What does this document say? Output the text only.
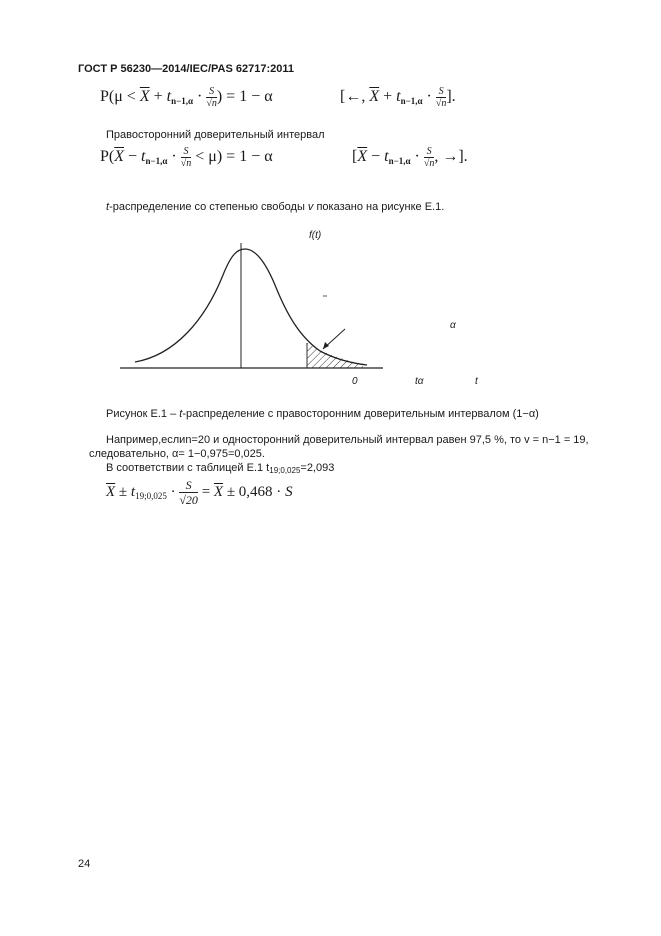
ГОСТ Р 56230—2014/IEC/PAS 62717:2011
$P(\mu < \overline{X} + t_{n-1,\alpha} \cdot \frac{S}{√n}$ ) = 1 − α	[←, $\overline{X} + t_{n-1,\alpha} \cdot \frac{S}{√n}$ ].
Правосторонний доверительный интервал
$P(\overline{X} - t_{n-1,\alpha} \cdot \frac{S}{√n} < \mu) = 1 - \alpha$	[$\overline{X} - t_{n-1,\alpha} \cdot \frac{S}{√n}$ , →].
t-распределение со степенью свободы v показано на рисунке Е.1.
f(t)
α
0	tα	t
Рисунок Е.1 – t-распределение с правосторонним доверительным интервалом (1−α)
Например,еслиn=20 и односторонний доверительный интервал равен 97,5 %, то v = n−1 = 19,
следовательно, α= 1−0,975=0,025.
В соответствии с таблицей Е.1 t19;0,025=2,093
$\overline{X} \pm t_{19;0,025} \cdot \frac{S}{√20} = \overline{X} \pm 0,468 \cdot S$
24
